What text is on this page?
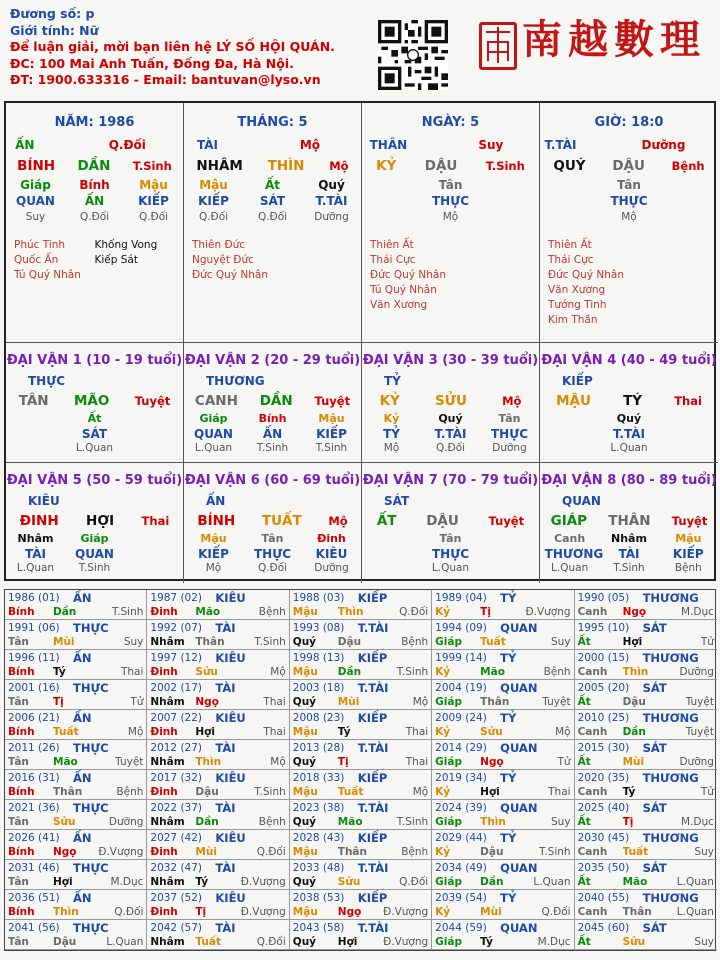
Đương số: p
Giới tính: Nữ
Để luận giải, mời bạn liên hệ LÝ SỐ HỘI QUÁN.
ĐC: 100 Mai Anh Tuấn, Đống Đa, Hà Nội.
ĐT: 1900.633316 - Email: bantuvan@lyso.vn
南越數理
NĂM: 1986
ẤN	Q.Đối
BÍNH DẦN T.Sinh
Giáp	Bính	Mậu
QUAN	ẤN	KIẾP
Suy	Q.Đối	Q.Đối
Phúc Tinh
Quốc Ấn
Tú Quý Nhân
Khống Vong
Kiếp Sát
THÁNG: 5
TÀI	Mộ
NHÂM THÌN Mộ
Mậu	Ất	Quý
KIẾP	SÁT	T.TÀI
Q.Đối	Q.Đối	Dưỡng
Thiên Đức
Nguyệt Đức
Đức Quý Nhân
NGÀY: 5
THÂN	Suy
KỶ DẬU T.Sinh
Tân
THỰC
Mộ
Thiên Ất
Thái Cực
Đức Quý Nhân
Tú Quý Nhân
Văn Xương
GIỜ: 18:0
T.TÀI	Dưỡng
QUÝ DẬU Bệnh
Tân
THỰC
Mộ
Thiên Ất
Thái Cực
Đức Quý Nhân
Văn Xương
Tướng Tinh
Kim Thần
ĐẠI VẬN 1 (10 - 19 tuổi)
THỰC
TÂN MÃO Tuyệt
Ất
SÁT
L.Quan
ĐẠI VẬN 2 (20 - 29 tuổi)
THƯƠNG
CANH DẦN Tuyệt
Giáp	Bính	Mậu
QUAN	ẤN	KIẾP
L.Quan	T.Sinh	T.Sinh
ĐẠI VẬN 3 (30 - 39 tuổi)
TỶ
KỶ	SỬU	Mộ
Kỷ	Quý	Tân
TỶ	T.TÀI	THỰC
Mộ	Q.Đối	Dưỡng
ĐẠI VẬN 4 (40 - 49 tuổi)
KIẾP
MẬU TÝ	Thai
Quý
T.TÀI
L.Quan
ĐẠI VẬN 5 (50 - 59 tuổi)
KIÊU
ĐINH HỢI Thai
Nhâm	Giáp
TÀI	QUAN
L.Quan	T.Sinh
ĐẠI VẬN 6 (60 - 69 tuổi)
ẤN
BÍNH TUẤT Mộ
Mậu	Tân	Đinh
KIẾP	THỰC	KIÊU
Mộ	Q.Đối	Dưỡng
ĐẠI VẬN 7 (70 - 79 tuổi)
SÁT
ẤT DẬU	Tuyệt
Tân
THỰC
L.Quan
ĐẠI VẬN 8 (80 - 89 tuổi)
QUAN
GIÁP THÂN Tuyệt
Canh	Nhâm	Mậu
THƯƠNG	TÀI	KIẾP
L.Quan	T.Sinh	Bệnh
1986 (01) ẤN
Bính Dần	T.Sinh
1987 (02) KIÊU
Đinh Mão	Bệnh
1988 (03) KIẾP
Mậu Thìn	Q.Đối
1989 (04) TỶ
Kỷ	Tị	Đ.Vượng
1990 (05) THƯƠNG
Canh Ngọ	M.Dục
1991 (06) THỰC
Tân Mùi	Suy
1992 (07) TÀI
Nhâm Thân	T.Sinh
1993 (08) T.TÀI
Quý Dậu	Bệnh
1994 (09) QUAN
Giáp Tuất	Suy
1995 (10) SÁT
Ất	Hợi	Tử
1996 (11) ẤN
Bính Tý	Thai
1997 (12) KIÊU
Đinh Sửu	Mộ
1998 (13) KIẾP
Mậu Dần	T.Sinh
1999 (14) TỶ
Kỷ	Mão	Bệnh
2000 (15) THƯƠNG
Canh Thìn	Dưỡng
2001 (16) THỰC
Tân Tị	Tử
2002 (17) TÀI
Nhâm Ngọ	Thai
2003 (18) T.TÀI
Quý Mùi	Mộ
2004 (19) QUAN
Giáp Thân	Tuyệt
2005 (20) SÁT
Ất	Dậu	Tuyệt
2006 (21) ẤN
Bính Tuất	Mộ
2007 (22) KIÊU
Đinh Hợi	Thai
2008 (23) KIẾP
Mậu Tý	Thai
2009 (24) TỶ
Kỷ	Sửu	Mộ
2010 (25) THƯƠNG
Canh Dần	Tuyệt
2011 (26) THỰC
Tân Mão	Tuyệt
2012 (27) TÀI
Nhâm Thìn	Mộ
2013 (28) T.TÀI
Quý Tị	Thai
2014 (29) QUAN
Giáp Ngọ	Tử
2015 (30) SÁT
Ất	Mùi	Dưỡng
2016 (31) ẤN
Bính Thân	Bệnh
2017 (32) KIÊU
Đinh Dậu	T.Sinh
2018 (33) KIẾP
Mậu Tuất	Mộ
2019 (34) TỶ
Kỷ	Hợi	Thai
2020 (35) THƯƠNG
Canh Tý	Tử
2021 (36) THỰC
Tân Sửu	Dưỡng
2022 (37) TÀI
Nhâm Dần	Bệnh
2023 (38) T.TÀI
Quý Mão	T.Sinh
2024 (39) QUAN
Giáp Thìn	Suy
2025 (40) SÁT
Ất	Tị	M.Dục
2026 (41) ẤN
Bính Ngọ Đ.Vượng
2027 (42) KIÊU
Đinh Mùi	Q.Đối
2028 (43) KIẾP
Mậu Thân	Bệnh
2029 (44) TỶ
Kỷ	Dậu	T.Sinh
2030 (45) THƯƠNG
Canh Tuất	Suy
2031 (46) THỰC
Tân Hợi	M.Dục
2032 (47) TÀI
Nhâm Tý	Đ.Vượng
2033 (48) T.TÀI
Quý Sửu	Q.Đối
2034 (49) QUAN
Giáp Dần	L.Quan
2035 (50) SÁT
Ất	Mão	L.Quan
2036 (51) ẤN
Bính Thìn	Q.Đối
2037 (52) KIÊU
Đinh Tị	Đ.Vượng
2038 (53) KIẾP
Mậu Ngọ Đ.Vượng
2039 (54) TỶ
Kỷ	Mùi	Q.Đối
2040 (55) THƯƠNG
Canh Thân L.Quan
2041 (56) THỰC
Tân Dậu	L.Quan
2042 (57) TÀI
Nhâm Tuất	Q.Đối
2043 (58) T.TÀI
Quý Hợi Đ.Vượng
2044 (59) QUAN
Giáp Tý	M.Dục
2045 (60) SÁT
Ất	Sửu	Suy
